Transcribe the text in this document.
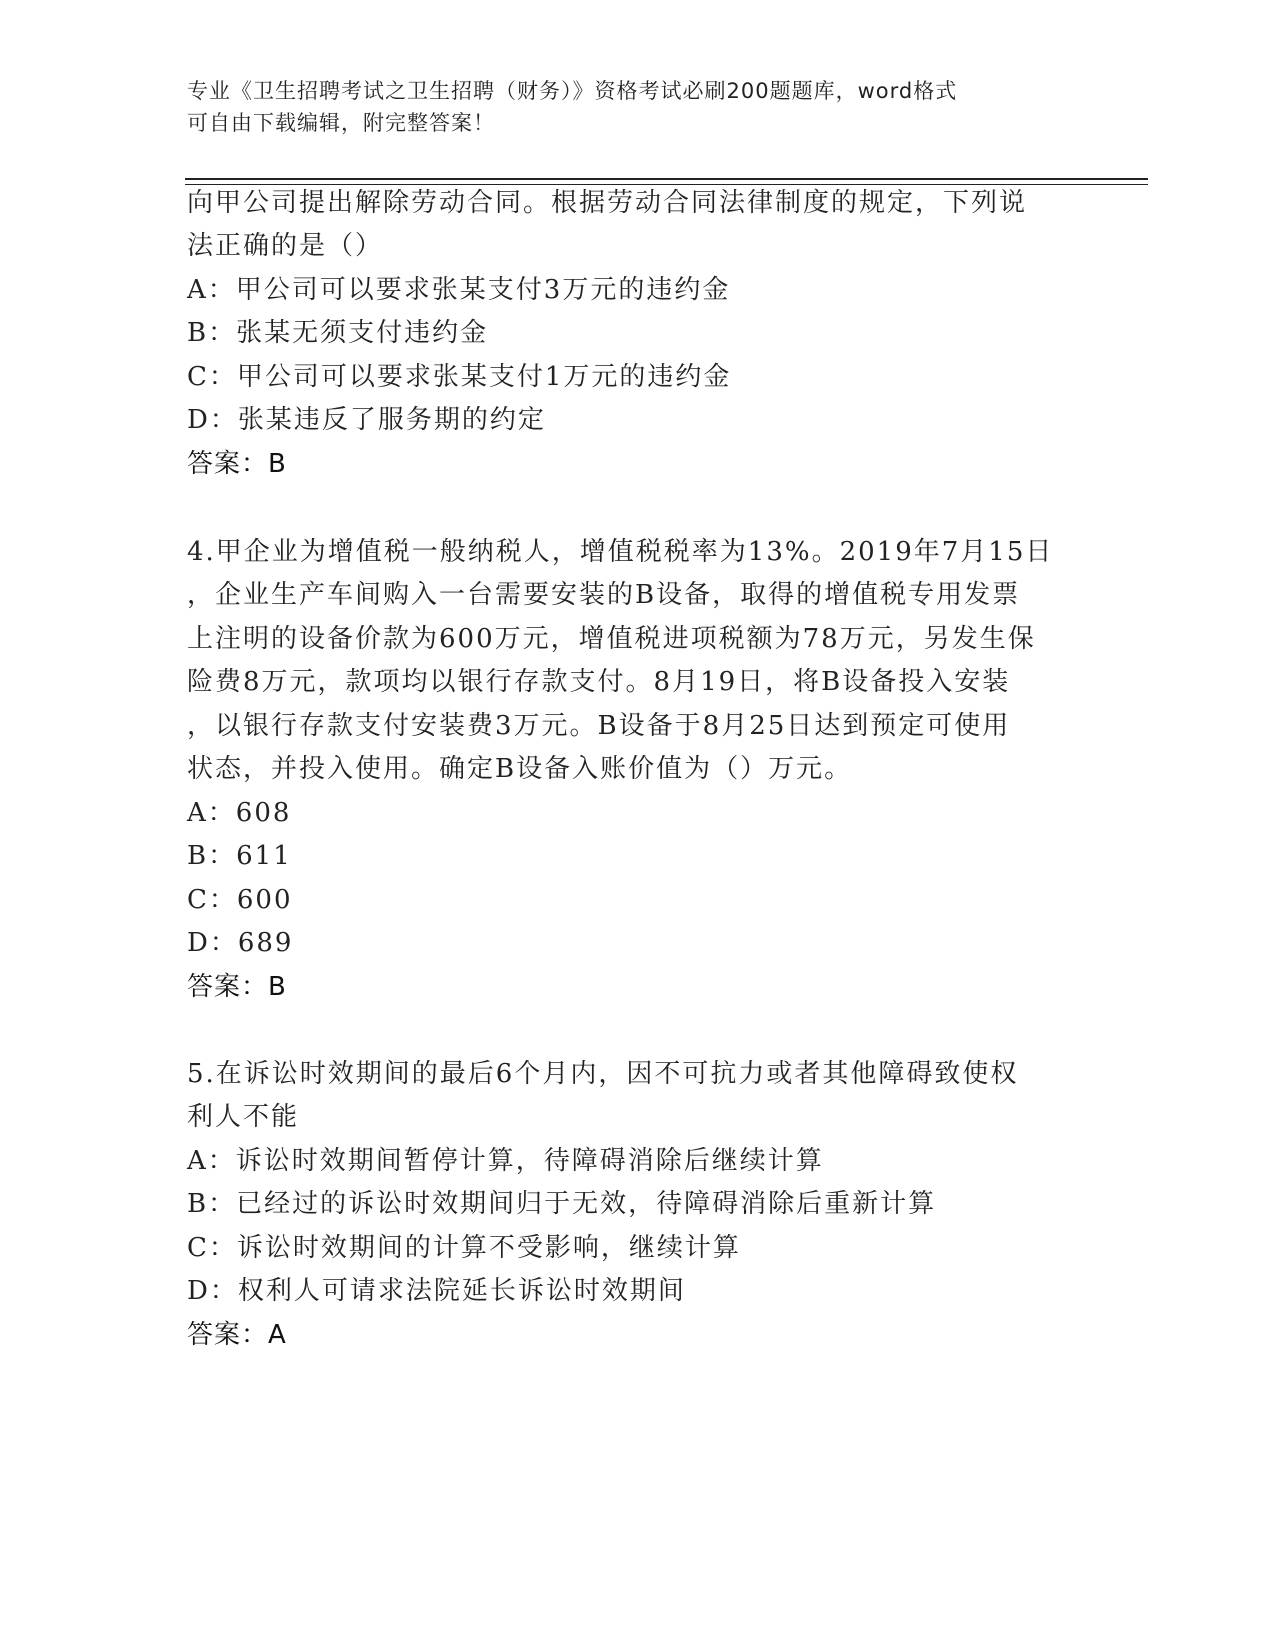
专业《卫生招聘考试之卫生招聘（财务）》资格考试必刷200题题库，word格式
可自由下载编辑，附完整答案！
向甲公司提出解除劳动合同。根据劳动合同法律制度的规定，下列说
法正确的是（）
A：甲公司可以要求张某支付3万元的违约金
B：张某无须支付违约金
C：甲公司可以要求张某支付1万元的违约金
D：张某违反了服务期的约定
答案：B
4.甲企业为增值税一般纳税人，增值税税率为13%。2019年7月15日
，企业生产车间购入一台需要安装的B设备，取得的增值税专用发票
上注明的设备价款为600万元，增值税进项税额为78万元，另发生保
险费8万元，款项均以银行存款支付。8月19日，将B设备投入安装
，以银行存款支付安装费3万元。B设备于8月25日达到预定可使用
状态，并投入使用。确定B设备入账价值为（）万元。
A：608
B：611
C：600
D：689
答案：B
5.在诉讼时效期间的最后6个月内，因不可抗力或者其他障碍致使权
利人不能
A：诉讼时效期间暂停计算，待障碍消除后继续计算
B：已经过的诉讼时效期间归于无效，待障碍消除后重新计算
C：诉讼时效期间的计算不受影响，继续计算
D：权利人可请求法院延长诉讼时效期间
答案：A
